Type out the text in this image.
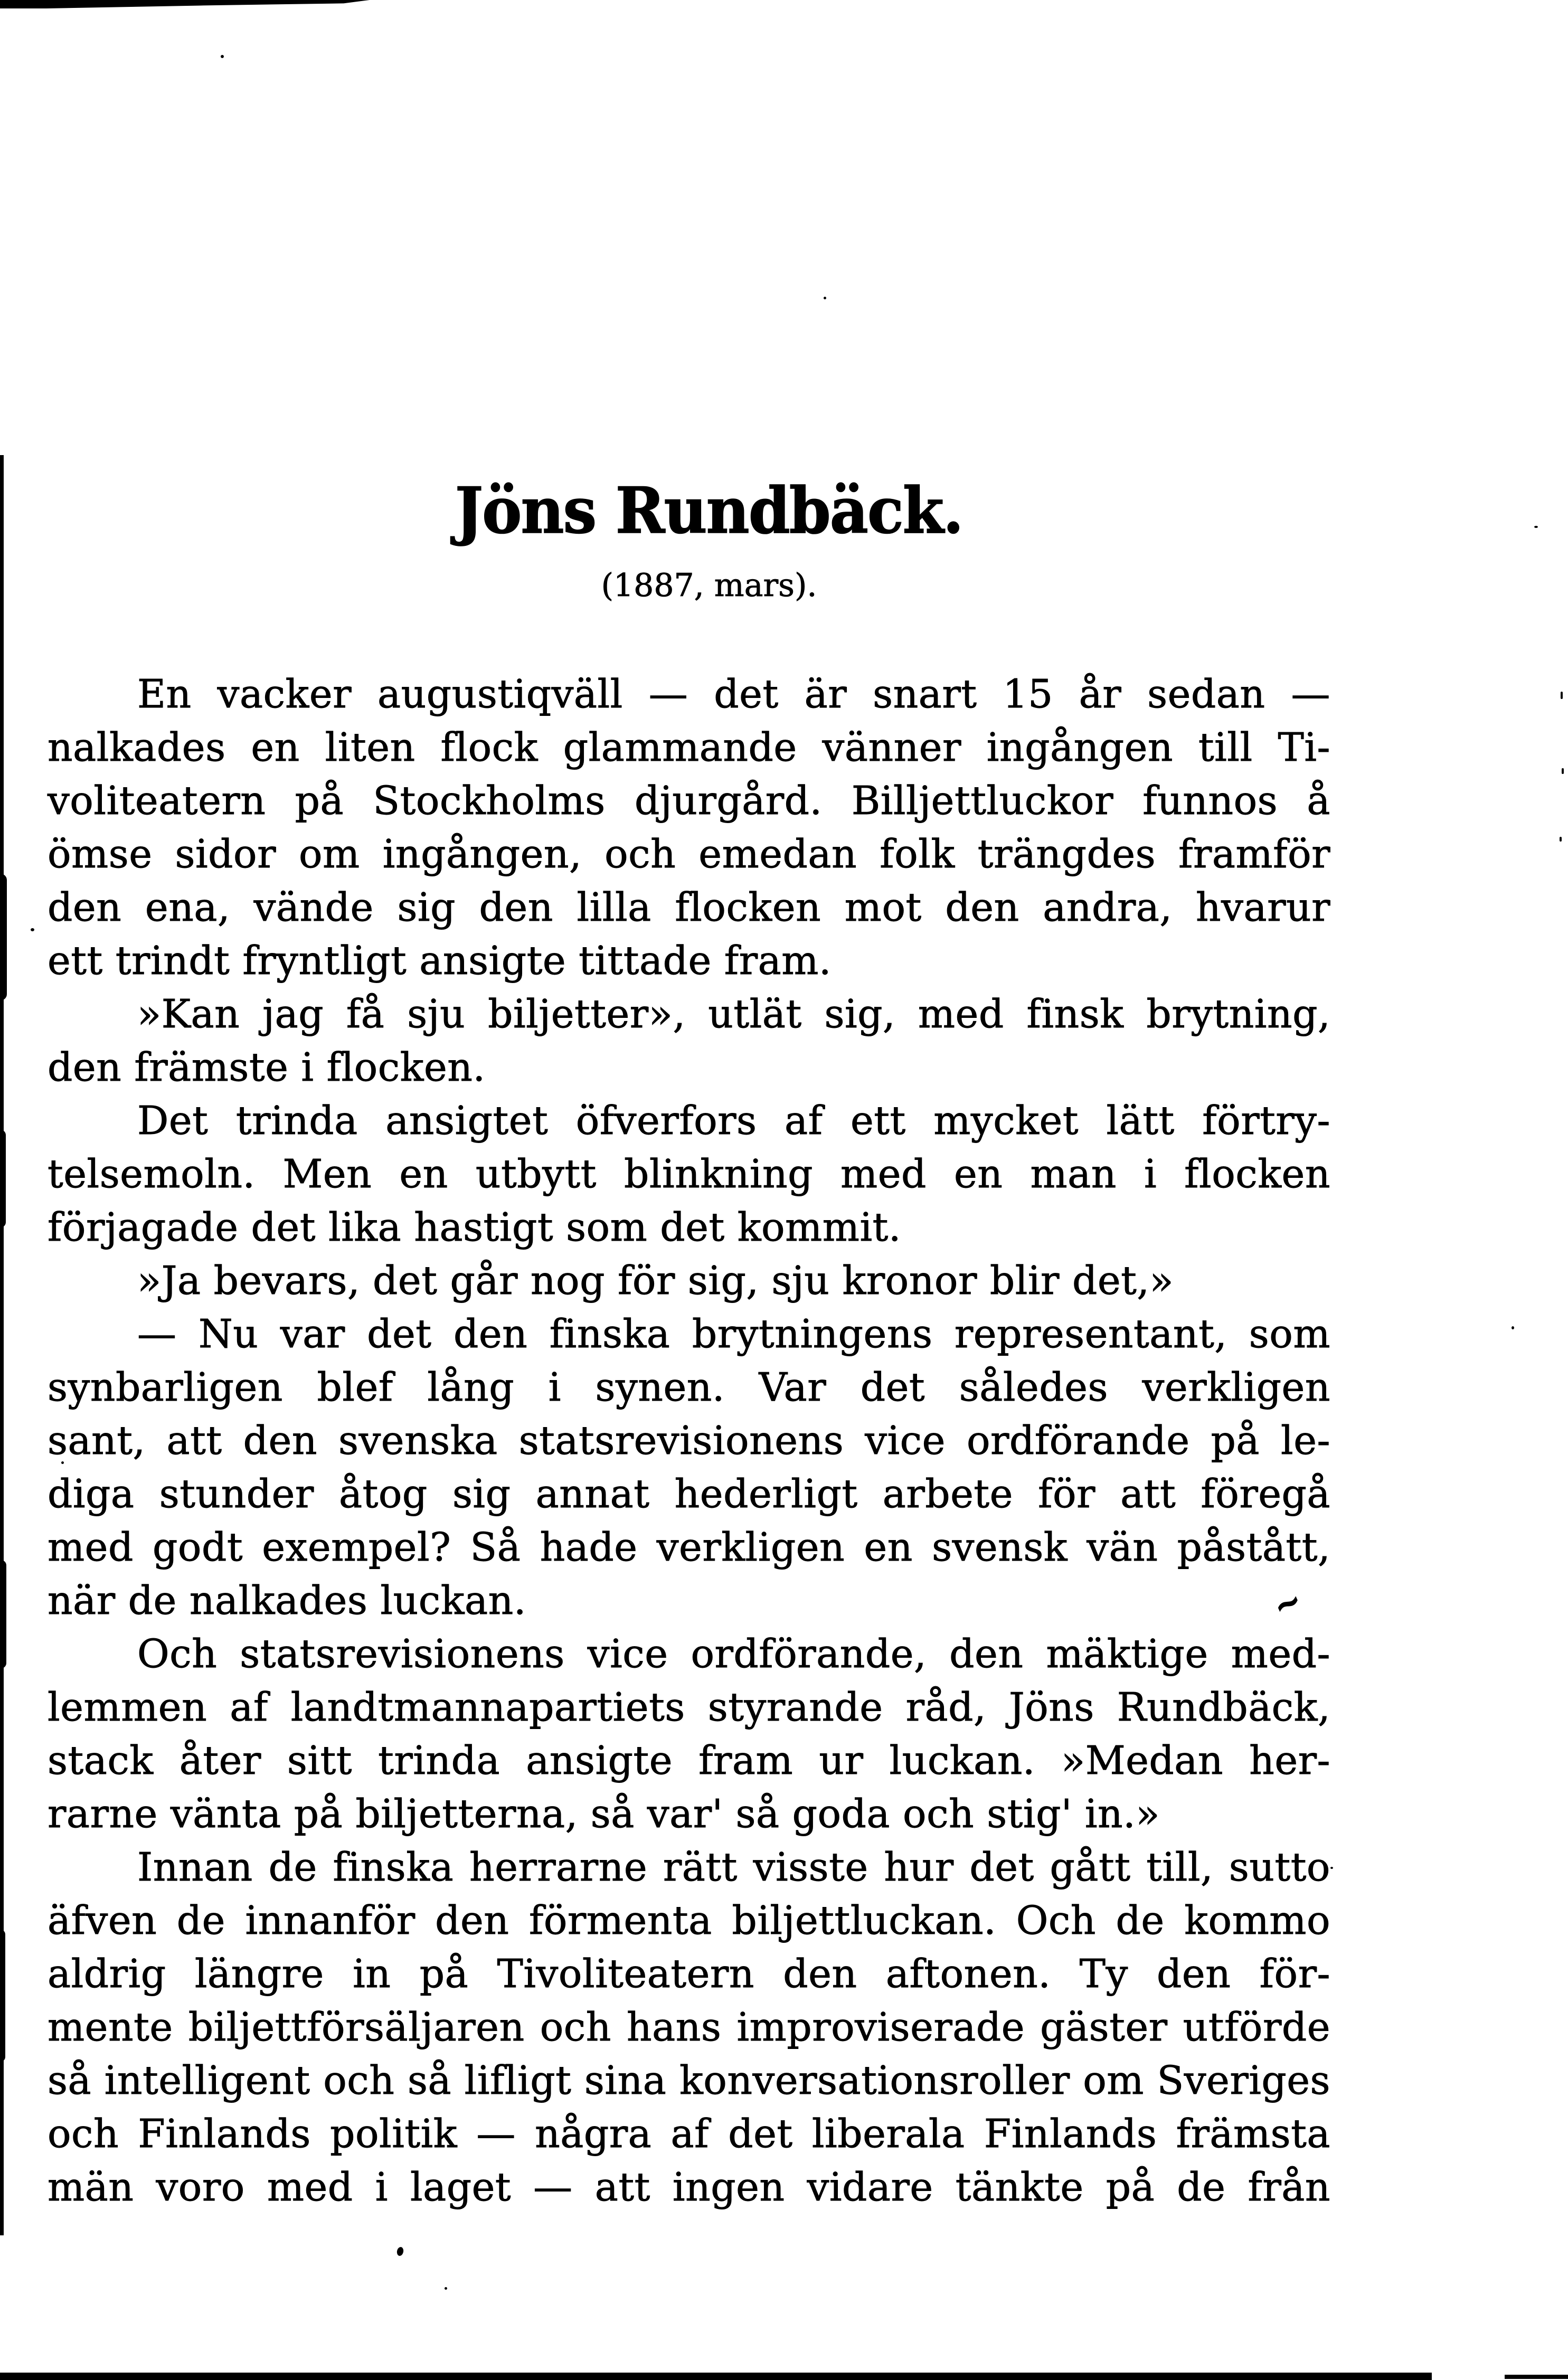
~
Jöns Rundbäck.
(1887, mars).
En vacker augustiqväll — det är snart 15 år sedan —
nalkades en liten flock glammande vänner ingången till Ti-
voliteatern på Stockholms djurgård. Billjettluckor funnos å
ömse sidor om ingången, och emedan folk trängdes framför
den ena, vände sig den lilla flocken mot den andra, hvarur
ett trindt fryntligt ansigte tittade fram.
»Kan jag få sju biljetter», utlät sig, med finsk brytning,
den främste i flocken.
Det trinda ansigtet öfverfors af ett mycket lätt förtry-
telsemoln. Men en utbytt blinkning med en man i flocken
förjagade det lika hastigt som det kommit.
»Ja bevars, det går nog för sig, sju kronor blir det,»
— Nu var det den finska brytningens representant, som
synbarligen blef lång i synen. Var det således verkligen
sant, att den svenska statsrevisionens vice ordförande på le-
diga stunder åtog sig annat hederligt arbete för att föregå
med godt exempel? Så hade verkligen en svensk vän påstått,
när de nalkades luckan.
Och statsrevisionens vice ordförande, den mäktige med-
lemmen af landtmannapartiets styrande råd, Jöns Rundbäck,
stack åter sitt trinda ansigte fram ur luckan. »Medan her-
rarne vänta på biljetterna, så var' så goda och stig' in.»
Innan de finska herrarne rätt visste hur det gått till, sutto
äfven de innanför den förmenta biljettluckan. Och de kommo
aldrig längre in på Tivoliteatern den aftonen. Ty den för-
mente biljettförsäljaren och hans improviserade gäster utförde
så intelligent och så lifligt sina konversationsroller om Sveriges
och Finlands politik — några af det liberala Finlands främsta
män voro med i laget — att ingen vidare tänkte på de från
